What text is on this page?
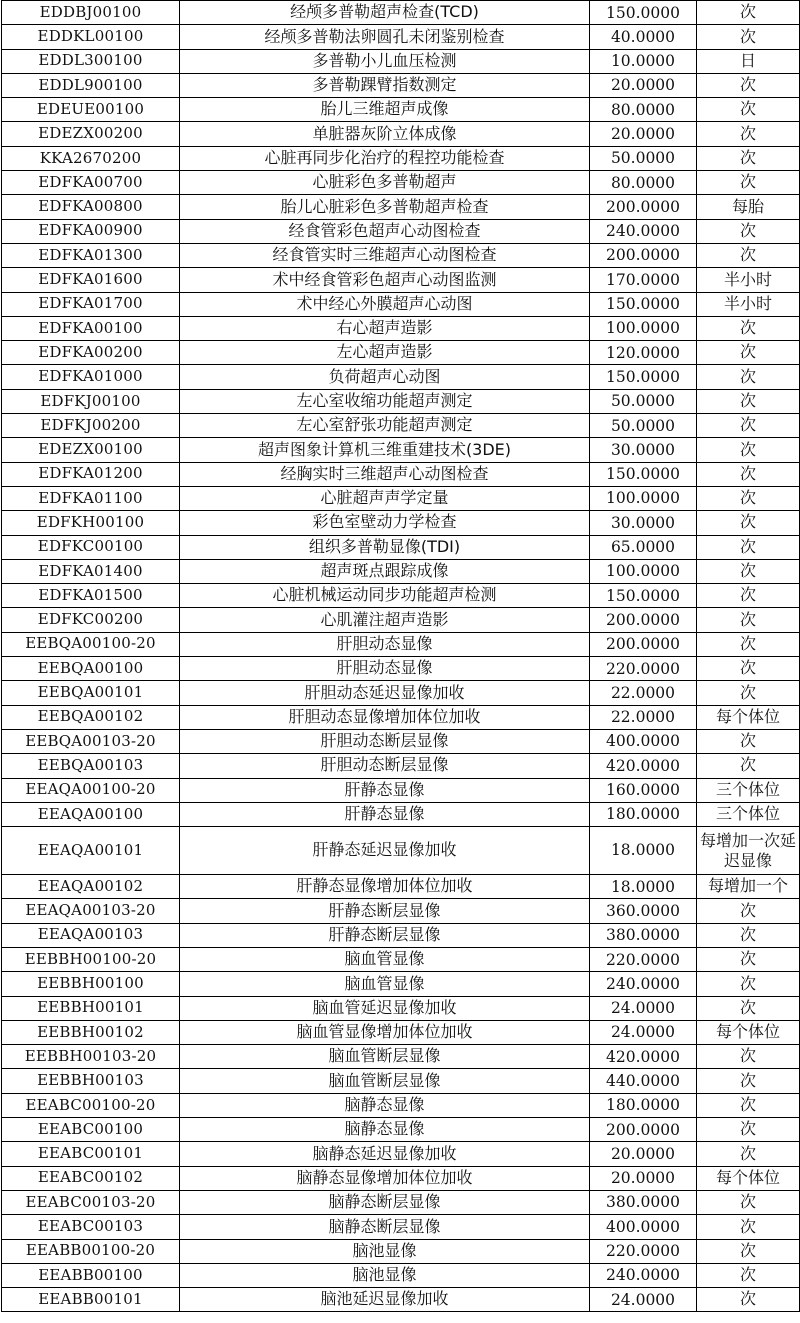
EDDBJ00100	经颅多普勒超声检查(TCD)	150.0000	次
EDDKL00100	经颅多普勒法卵圆孔未闭鉴别检查	40.0000	次
EDDL300100	多普勒小儿血压检测	10.0000	日
EDDL900100	多普勒踝臂指数测定	20.0000	次
EDEUE00100	胎儿三维超声成像	80.0000	次
EDEZX00200	单脏器灰阶立体成像	20.0000	次
KKA2670200	心脏再同步化治疗的程控功能检查	50.0000	次
EDFKA00700	心脏彩色多普勒超声	80.0000	次
EDFKA00800	胎儿心脏彩色多普勒超声检查	200.0000	每胎
EDFKA00900	经食管彩色超声心动图检查	240.0000	次
EDFKA01300	经食管实时三维超声心动图检查	200.0000	次
EDFKA01600	术中经食管彩色超声心动图监测	170.0000	半小时
EDFKA01700	术中经心外膜超声心动图	150.0000	半小时
EDFKA00100	右心超声造影	100.0000	次
EDFKA00200	左心超声造影	120.0000	次
EDFKA01000	负荷超声心动图	150.0000	次
EDFKJ00100	左心室收缩功能超声测定	50.0000	次
EDFKJ00200	左心室舒张功能超声测定	50.0000	次
EDEZX00100	超声图象计算机三维重建技术(3DE)	30.0000	次
EDFKA01200	经胸实时三维超声心动图检查	150.0000	次
EDFKA01100	心脏超声声学定量	100.0000	次
EDFKH00100	彩色室壁动力学检查	30.0000	次
EDFKC00100	组织多普勒显像(TDI)	65.0000	次
EDFKA01400	超声斑点跟踪成像	100.0000	次
EDFKA01500	心脏机械运动同步功能超声检测	150.0000	次
EDFKC00200	心肌灌注超声造影	200.0000	次
EEBQA00100-20	肝胆动态显像	200.0000	次
EEBQA00100	肝胆动态显像	220.0000	次
EEBQA00101	肝胆动态延迟显像加收	22.0000	次
EEBQA00102	肝胆动态显像增加体位加收	22.0000	每个体位
EEBQA00103-20	肝胆动态断层显像	400.0000	次
EEBQA00103	肝胆动态断层显像	420.0000	次
EEAQA00100-20	肝静态显像	160.0000	三个体位
EEAQA00100	肝静态显像	180.0000	三个体位
EEAQA00101	肝静态延迟显像加收	18.0000	每增加一次延迟显像
EEAQA00102	肝静态显像增加体位加收	18.0000	每增加一个
EEAQA00103-20	肝静态断层显像	360.0000	次
EEAQA00103	肝静态断层显像	380.0000	次
EEBBH00100-20	脑血管显像	220.0000	次
EEBBH00100	脑血管显像	240.0000	次
EEBBH00101	脑血管延迟显像加收	24.0000	次
EEBBH00102	脑血管显像增加体位加收	24.0000	每个体位
EEBBH00103-20	脑血管断层显像	420.0000	次
EEBBH00103	脑血管断层显像	440.0000	次
EEABC00100-20	脑静态显像	180.0000	次
EEABC00100	脑静态显像	200.0000	次
EEABC00101	脑静态延迟显像加收	20.0000	次
EEABC00102	脑静态显像增加体位加收	20.0000	每个体位
EEABC00103-20	脑静态断层显像	380.0000	次
EEABC00103	脑静态断层显像	400.0000	次
EEABB00100-20	脑池显像	220.0000	次
EEABB00100	脑池显像	240.0000	次
EEABB00101	脑池延迟显像加收	24.0000	次
